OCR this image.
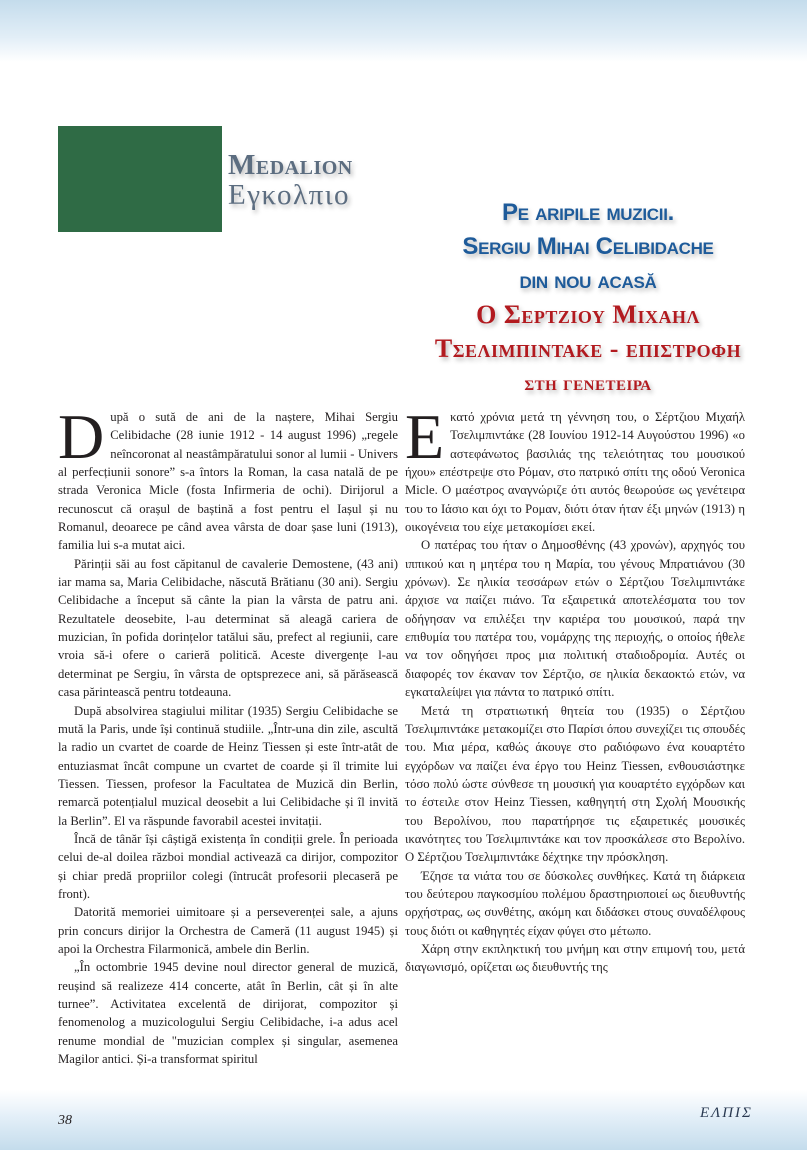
Medalion
Εγκολπιο
Pe aripile muzicii.
Sergiu Mihai Celibidache
din nou acasă
Ο Σερτζιου Μιχαηλ
Τσελιμπιντακε - επιστροφη
στη γενετειρα

După o sută de ani de la naștere, Mihai Sergiu Celibidache (28 iunie 1912 - 14 august 1996) „regele neîncoronat al neastâmpăratului sonor al lumii - Univers al perfecțiunii sonore” s-a întors la Roman, la casa natală de pe strada Veronica Micle (fosta Infirmeria de ochi). Dirijorul a recunoscut că orașul de baștină a fost pentru el Iașul și nu Romanul, deoarece pe când avea vârsta de doar șase luni (1913), familia lui s-a mutat aici.

Părinții săi au fost căpitanul de cavalerie Demostene, (43 ani) iar mama sa, Maria Celibidache, născută Brătianu (30 ani). Sergiu Celibidache a început să cânte la pian la vârsta de patru ani. Rezultatele deosebite, l-au determinat să aleagă cariera de muzician, în pofida dorințelor tatălui său, prefect al regiunii, care vroia să-i ofere o carieră politică. Aceste divergențe l-au determinat pe Sergiu, în vârsta de optsprezece ani, să părăsească casa părintească pentru totdeauna.

După absolvirea stagiului militar (1935) Sergiu Celibidache se mută la Paris, unde își continuă studiile. „Într-una din zile, ascultă la radio un cvartet de coarde de Heinz Tiessen și este într-atât de entuziasmat încât compune un cvartet de coarde și îl trimite lui Tiessen. Tiessen, profesor la Facultatea de Muzică din Berlin, remarcă potențialul muzical deosebit a lui Celibidache și îl invită la Berlin”. El va răspunde favorabil acestei invitații.

Încă de tânăr își câștigă existența în condiții grele. În perioada celui de-al doilea război mondial activează ca dirijor, compozitor și chiar predă propriilor colegi (întrucât profesorii plecaseră pe front).

Datorită memoriei uimitoare și a perseverenței sale, a ajuns prin concurs dirijor la Orchestra de Cameră (11 august 1945) și apoi la Orchestra Filarmonică, ambele din Berlin.

„În octombrie 1945 devine noul director general de muzică, reușind să realizeze 414 concerte, atât în Berlin, cât și în alte turnee”. Activitatea excelentă de dirijorat, compozitor și fenomenolog a muzicologului Sergiu Celibidache, i-a adus acel renume mondial de "muzician complex și singular, asemenea Magilor antici. Și-a transformat spiritul

Εκατό χρόνια μετά τη γέννηση του, ο Σέρτζιου Μιχαήλ Τσελιμπιντάκε (28 Ιουνίου 1912-14 Αυγούστου 1996) «ο αστεφάνωτος βασιλιάς της τελειότητας του μουσικού ήχου» επέστρεψε στο Ρόμαν, στο πατρικό σπίτι της οδού Veronica Micle. Ο μαέστρος αναγνώριζε ότι αυτός θεωρούσε ως γενέτειρα του το Ιάσιο και όχι το Ρομαν, διότι όταν ήταν έξι μηνών (1913) η οικογένεια του είχε μετακομίσει εκεί.

Ο πατέρας του ήταν ο Δημοσθένης (43 χρονών), αρχηγός του ιππικού και η μητέρα του η Μαρία, του γένους Μπρατιάνου (30 χρόνων). Σε ηλικία τεσσάρων ετών ο Σέρτζιου Τσελιμπιντάκε άρχισε να παίζει πιάνο. Τα εξαιρετικά αποτελέσματα του τον οδήγησαν να επιλέξει την καριέρα του μουσικού, παρά την επιθυμία του πατέρα του, νομάρχης της περιοχής, ο οποίος ήθελε να τον οδηγήσει προς μια πολιτική σταδιοδρομία. Αυτές οι διαφορές τον έκαναν τον Σέρτζιο, σε ηλικία δεκαοκτώ ετών, να εγκαταλείψει για πάντα το πατρικό σπίτι.

Μετά τη στρατιωτική θητεία του (1935) ο Σέρτζιου Τσελιμπιντάκε μετακομίζει στο Παρίσι όπου συνεχίζει τις σπουδές του. Μια μέρα, καθώς άκουγε στο ραδιόφωνο ένα κουαρτέτο εγχόρδων να παίζει ένα έργο του Heinz Tiessen, ενθουσιάστηκε τόσο πολύ ώστε σύνθεσε τη μουσική για κουαρτέτο εγχόρδων και το έστειλε στον Heinz Tiessen, καθηγητή στη Σχολή Μουσικής του Βερολίνου, που παρατήρησε τις εξαιρετικές μουσικές ικανότητες του Τσελιμπιντάκε και τον προσκάλεσε στο Βερολίνο. Ο Σέρτζιου Τσελιμπιντάκε δέχτηκε την πρόσκληση.

Έζησε τα νιάτα του σε δύσκολες συνθήκες. Κατά τη διάρκεια του δεύτερου παγκοσμίου πολέμου δραστηριοποιεί ως διευθυντής ορχήστρας, ως συνθέτης, ακόμη και διδάσκει στους συναδέλφους τους διότι οι καθηγητές είχαν φύγει στο μέτωπο.

Χάρη στην εκπληκτική του μνήμη και στην επιμονή του, μετά διαγωνισμό, ορίζεται ως διευθυντής της

38	ΕΛΠΙΣ
